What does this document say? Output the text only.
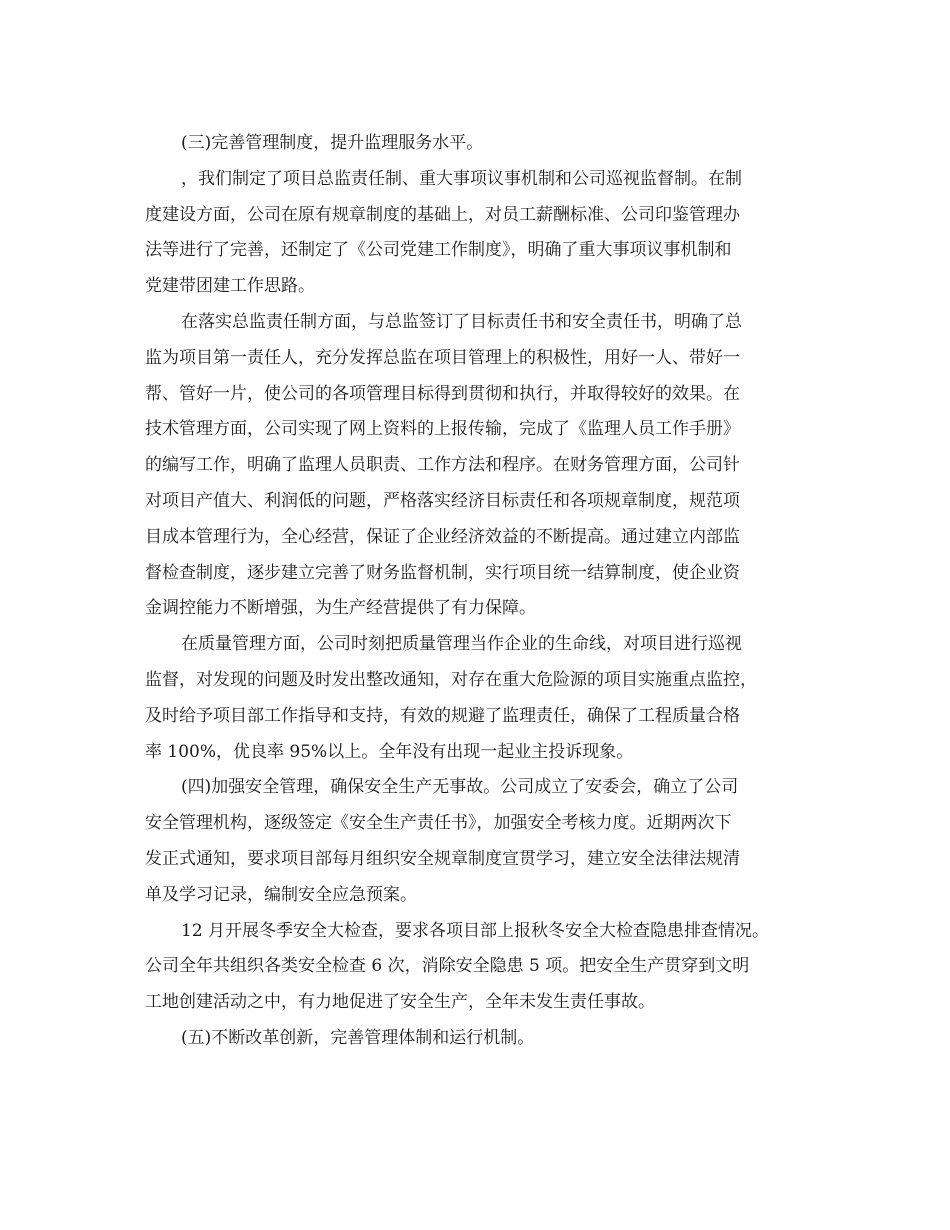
(三)完善管理制度，提升监理服务水平。
，我们制定了项目总监责任制、重大事项议事机制和公司巡视监督制。在制
度建设方面，公司在原有规章制度的基础上，对员工薪酬标准、公司印鉴管理办
法等进行了完善，还制定了《公司党建工作制度》，明确了重大事项议事机制和
党建带团建工作思路。
在落实总监责任制方面，与总监签订了目标责任书和安全责任书，明确了总
监为项目第一责任人，充分发挥总监在项目管理上的积极性，用好一人、带好一
帮、管好一片，使公司的各项管理目标得到贯彻和执行，并取得较好的效果。在
技术管理方面，公司实现了网上资料的上报传输，完成了《监理人员工作手册》
的编写工作，明确了监理人员职责、工作方法和程序。在财务管理方面，公司针
对项目产值大、利润低的问题，严格落实经济目标责任和各项规章制度，规范项
目成本管理行为，全心经营，保证了企业经济效益的不断提高。通过建立内部监
督检查制度，逐步建立完善了财务监督机制，实行项目统一结算制度，使企业资
金调控能力不断增强，为生产经营提供了有力保障。
在质量管理方面，公司时刻把质量管理当作企业的生命线，对项目进行巡视
监督，对发现的问题及时发出整改通知，对存在重大危险源的项目实施重点监控，
及时给予项目部工作指导和支持，有效的规避了监理责任，确保了工程质量合格
率 100%，优良率 95%以上。全年没有出现一起业主投诉现象。
(四)加强安全管理，确保安全生产无事故。公司成立了安委会，确立了公司
安全管理机构，逐级签定《安全生产责任书》，加强安全考核力度。近期两次下
发正式通知，要求项目部每月组织安全规章制度宣贯学习，建立安全法律法规清
单及学习记录，编制安全应急预案。
12 月开展冬季安全大检查，要求各项目部上报秋冬安全大检查隐患排查情况。
公司全年共组织各类安全检查 6 次，消除安全隐患 5 项。把安全生产贯穿到文明
工地创建活动之中，有力地促进了安全生产，全年未发生责任事故。
(五)不断改革创新，完善管理体制和运行机制。
